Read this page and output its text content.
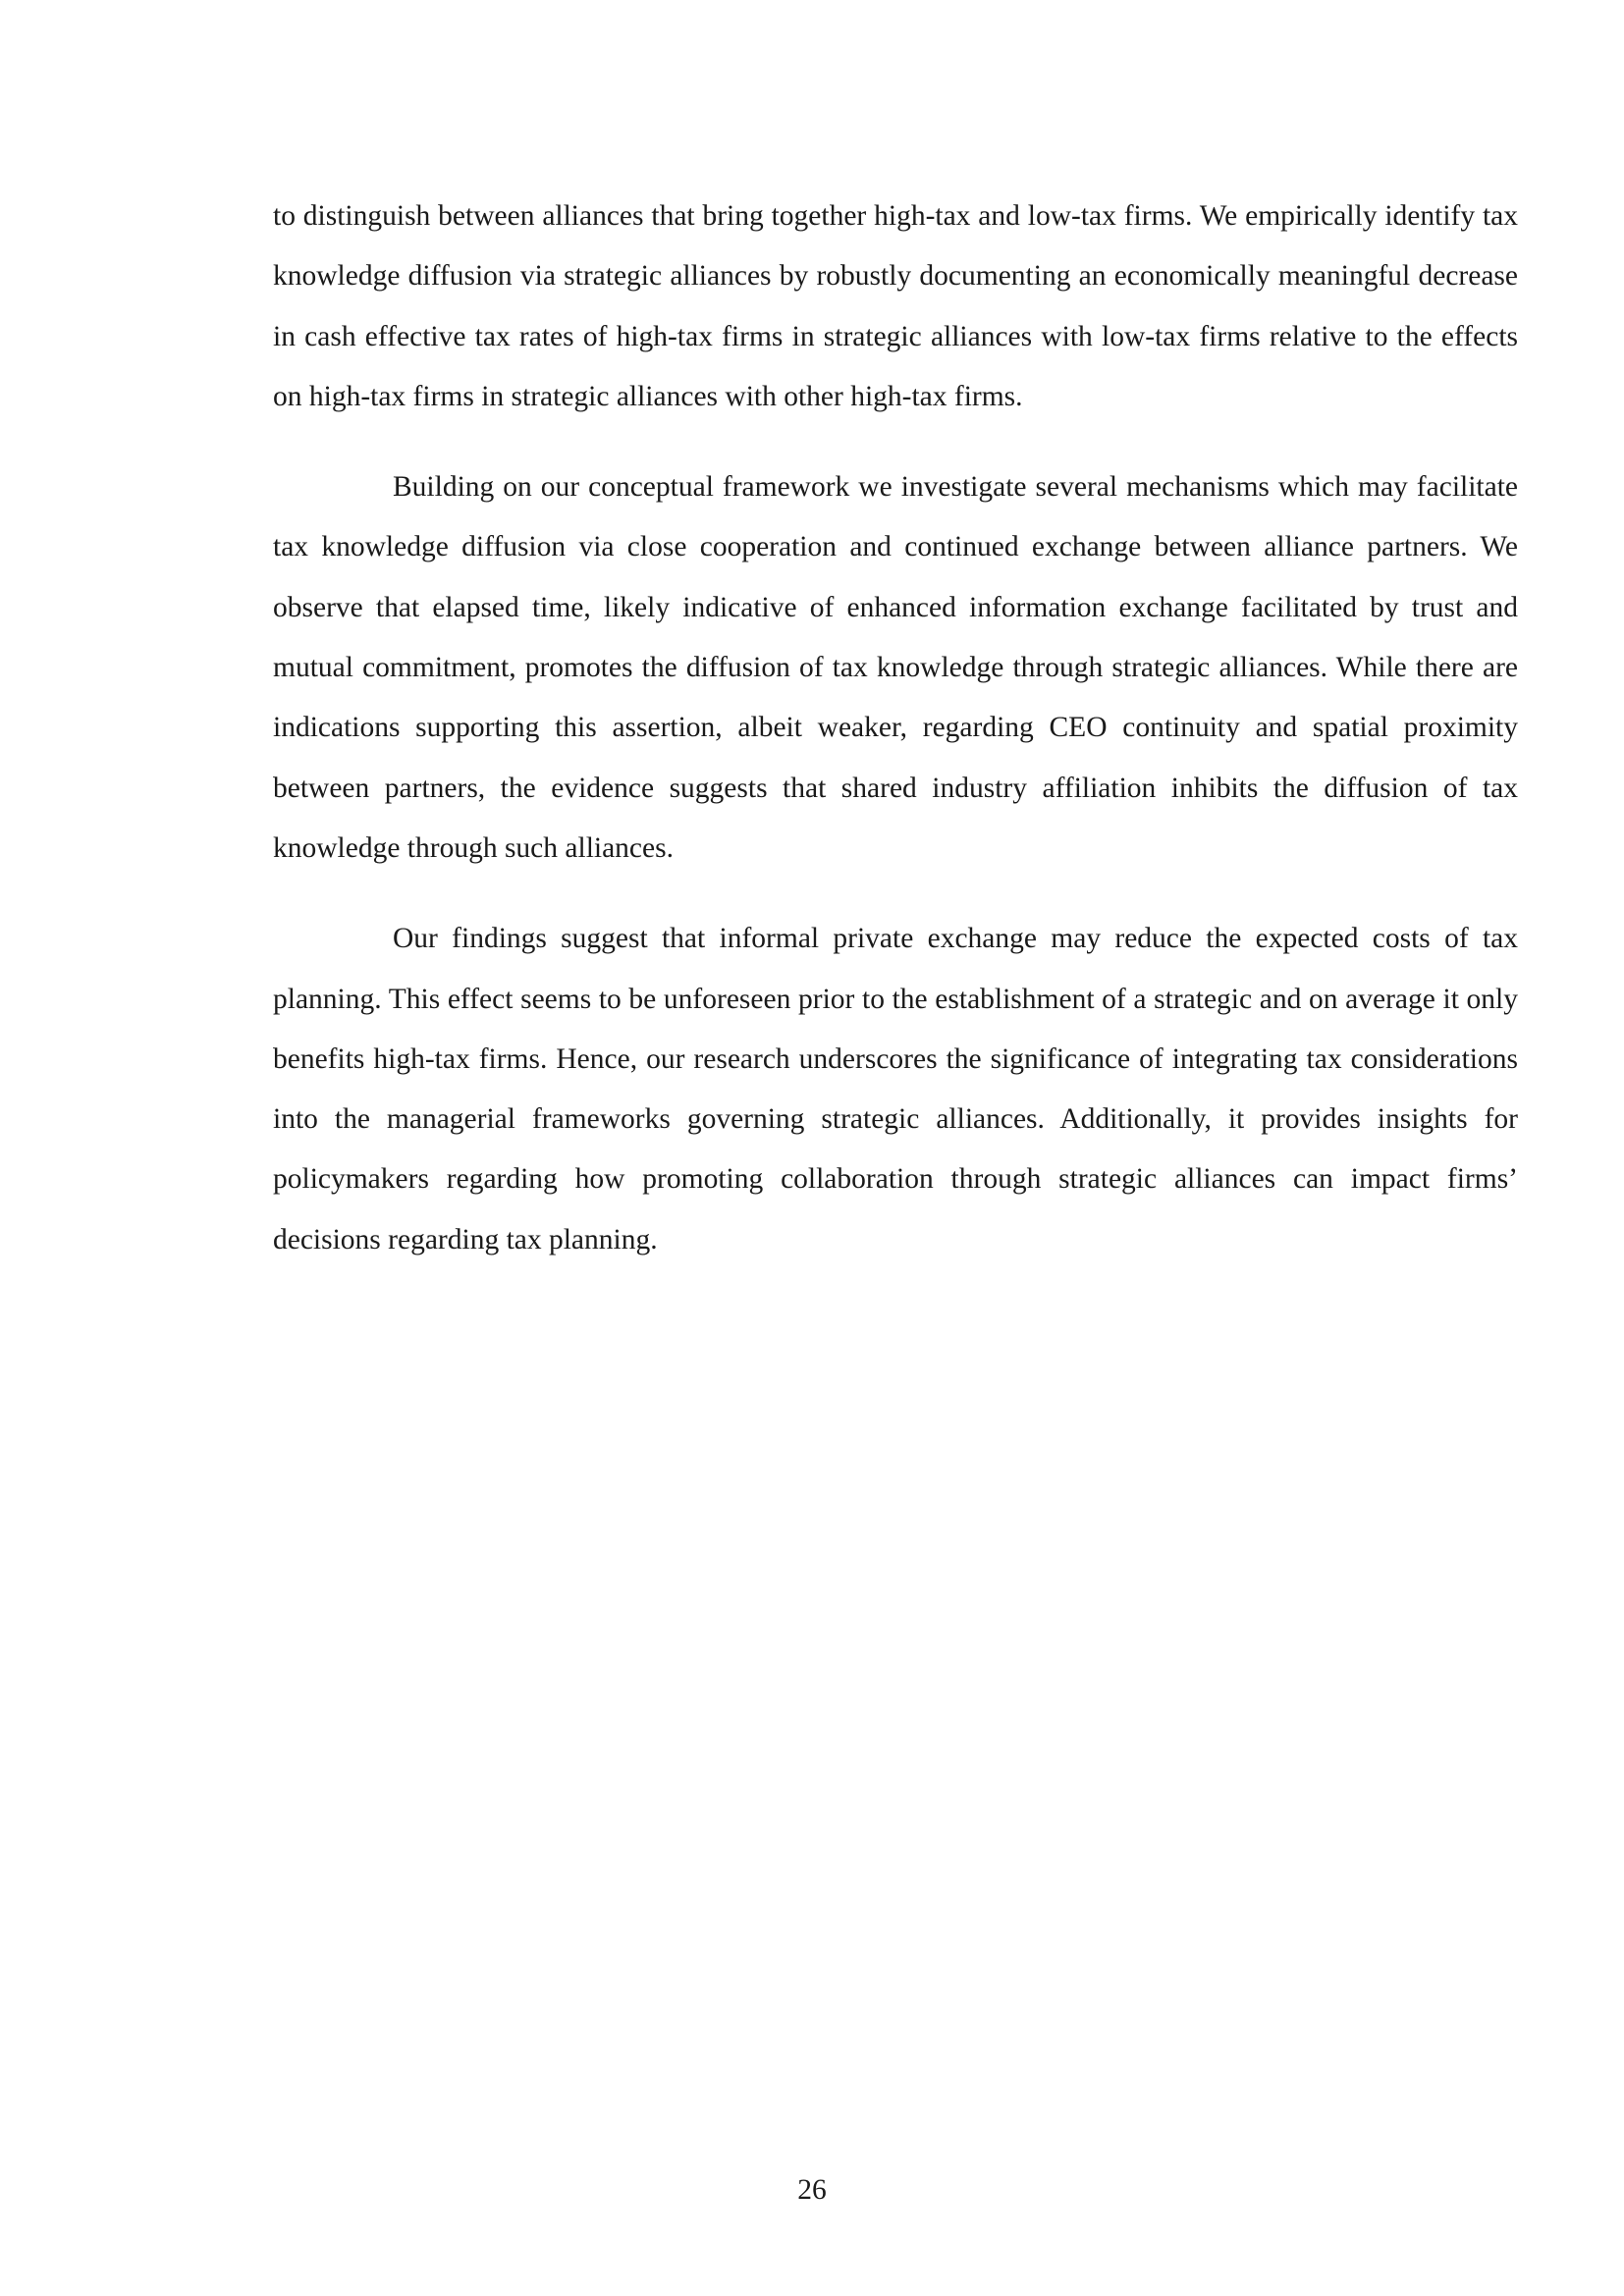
to distinguish between alliances that bring together high-tax and low-tax firms. We empirically identify tax knowledge diffusion via strategic alliances by robustly documenting an economically meaningful decrease in cash effective tax rates of high-tax firms in strategic alliances with low-tax firms relative to the effects on high-tax firms in strategic alliances with other high-tax firms.

Building on our conceptual framework we investigate several mechanisms which may facilitate tax knowledge diffusion via close cooperation and continued exchange between alliance partners. We observe that elapsed time, likely indicative of enhanced information exchange facilitated by trust and mutual commitment, promotes the diffusion of tax knowledge through strategic alliances. While there are indications supporting this assertion, albeit weaker, regarding CEO continuity and spatial proximity between partners, the evidence suggests that shared industry affiliation inhibits the diffusion of tax knowledge through such alliances.

Our findings suggest that informal private exchange may reduce the expected costs of tax planning. This effect seems to be unforeseen prior to the establishment of a strategic and on average it only benefits high-tax firms. Hence, our research underscores the significance of integrating tax considerations into the managerial frameworks governing strategic alliances. Additionally, it provides insights for policymakers regarding how promoting collaboration through strategic alliances can impact firms’ decisions regarding tax planning.

26
